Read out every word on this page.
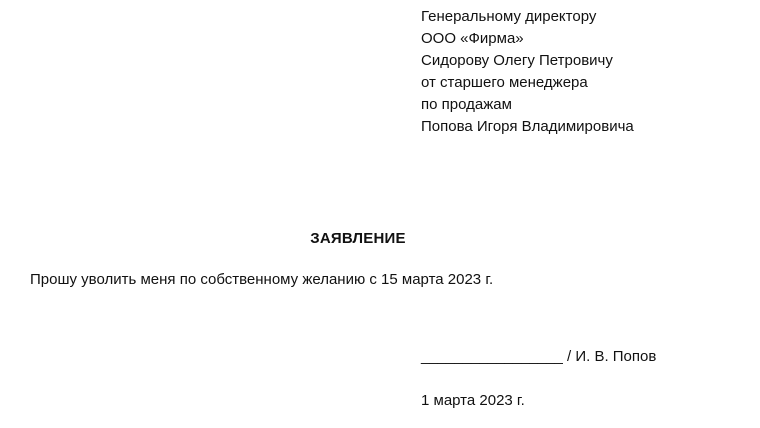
Генеральному директору
ООО «Фирма»
Сидорову Олегу Петровичу
от старшего менеджера
по продажам
Попова Игоря Владимировича
ЗАЯВЛЕНИЕ
Прошу уволить меня по собственному желанию с 15 марта 2023 г.
_________________ / И. В. Попов
1 марта 2023 г.
